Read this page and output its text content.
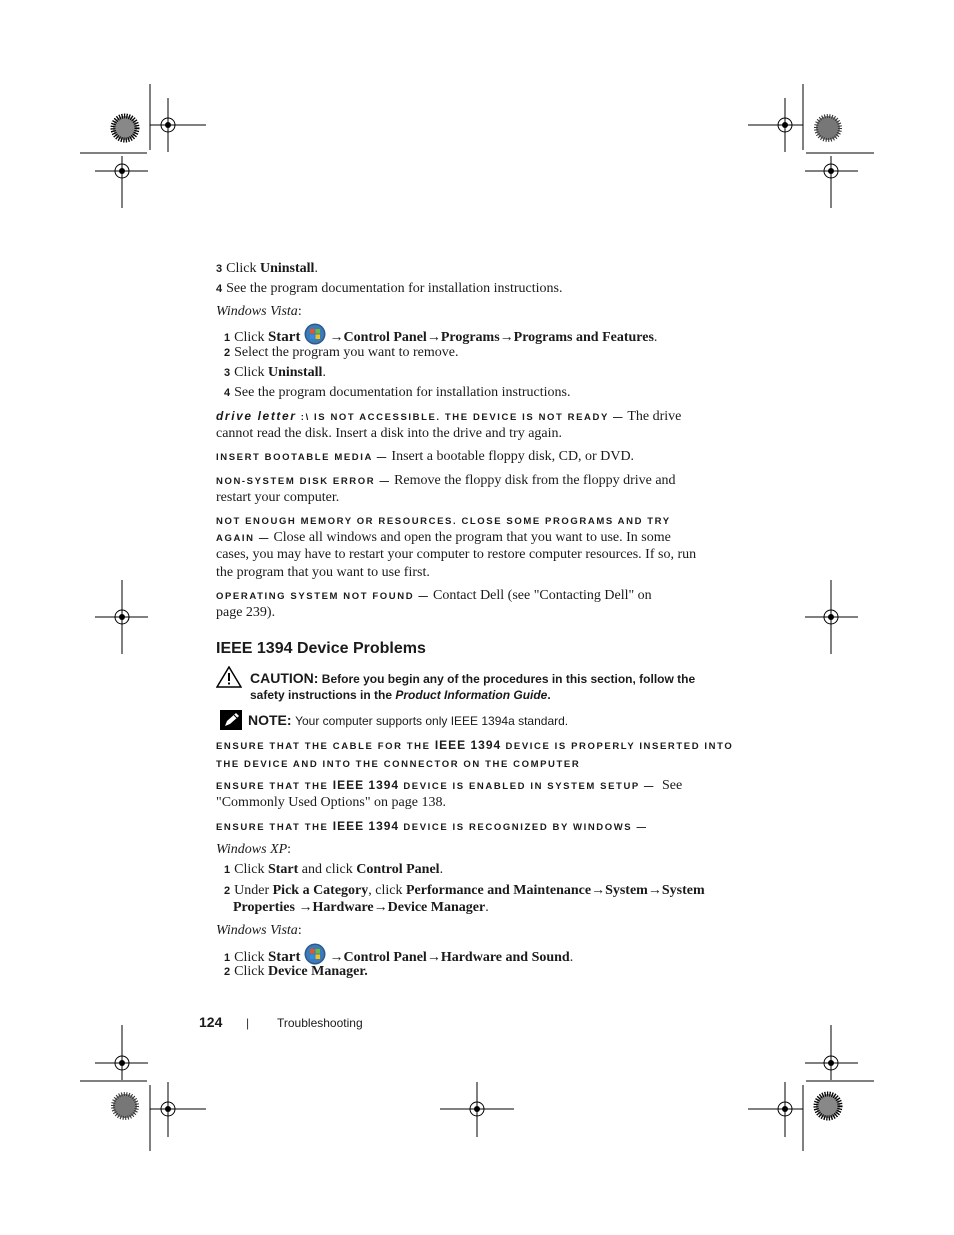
3 Click Uninstall.
4 See the program documentation for installation instructions.
Windows Vista:
1 Click Start →Control Panel→Programs→Programs and Features.
2 Select the program you want to remove.
3 Click Uninstall.
4 See the program documentation for installation instructions.
drive letter :\ IS NOT ACCESSIBLE. THE DEVICE IS NOT READY — The drive
cannot read the disk. Insert a disk into the drive and try again.
INSERT BOOTABLE MEDIA — Insert a bootable floppy disk, CD, or DVD.
NON-SYSTEM DISK ERROR — Remove the floppy disk from the floppy drive and
restart your computer.
NOT ENOUGH MEMORY OR RESOURCES. CLOSE SOME PROGRAMS AND TRY
AGAIN — Close all windows and open the program that you want to use. In some
cases, you may have to restart your computer to restore computer resources. If so, run
the program that you want to use first.
OPERATING SYSTEM NOT FOUND — Contact Dell (see "Contacting Dell" on
page 239).
IEEE 1394 Device Problems
CAUTION: Before you begin any of the procedures in this section, follow the
safety instructions in the Product Information Guide.
NOTE: Your computer supports only IEEE 1394a standard.
ENSURE THAT THE CABLE FOR THE IEEE 1394 DEVICE IS PROPERLY INSERTED INTO
THE DEVICE AND INTO THE CONNECTOR ON THE COMPUTER
ENSURE THAT THE IEEE 1394 DEVICE IS ENABLED IN SYSTEM SETUP — See
"Commonly Used Options" on page 138.
ENSURE THAT THE IEEE 1394 DEVICE IS RECOGNIZED BY WINDOWS —
Windows XP:
1 Click Start and click Control Panel.
2 Under Pick a Category, click Performance and Maintenance→System→System
Properties →Hardware→Device Manager.
Windows Vista:
1 Click Start →Control Panel→Hardware and Sound.
2 Click Device Manager.
124 | Troubleshooting
